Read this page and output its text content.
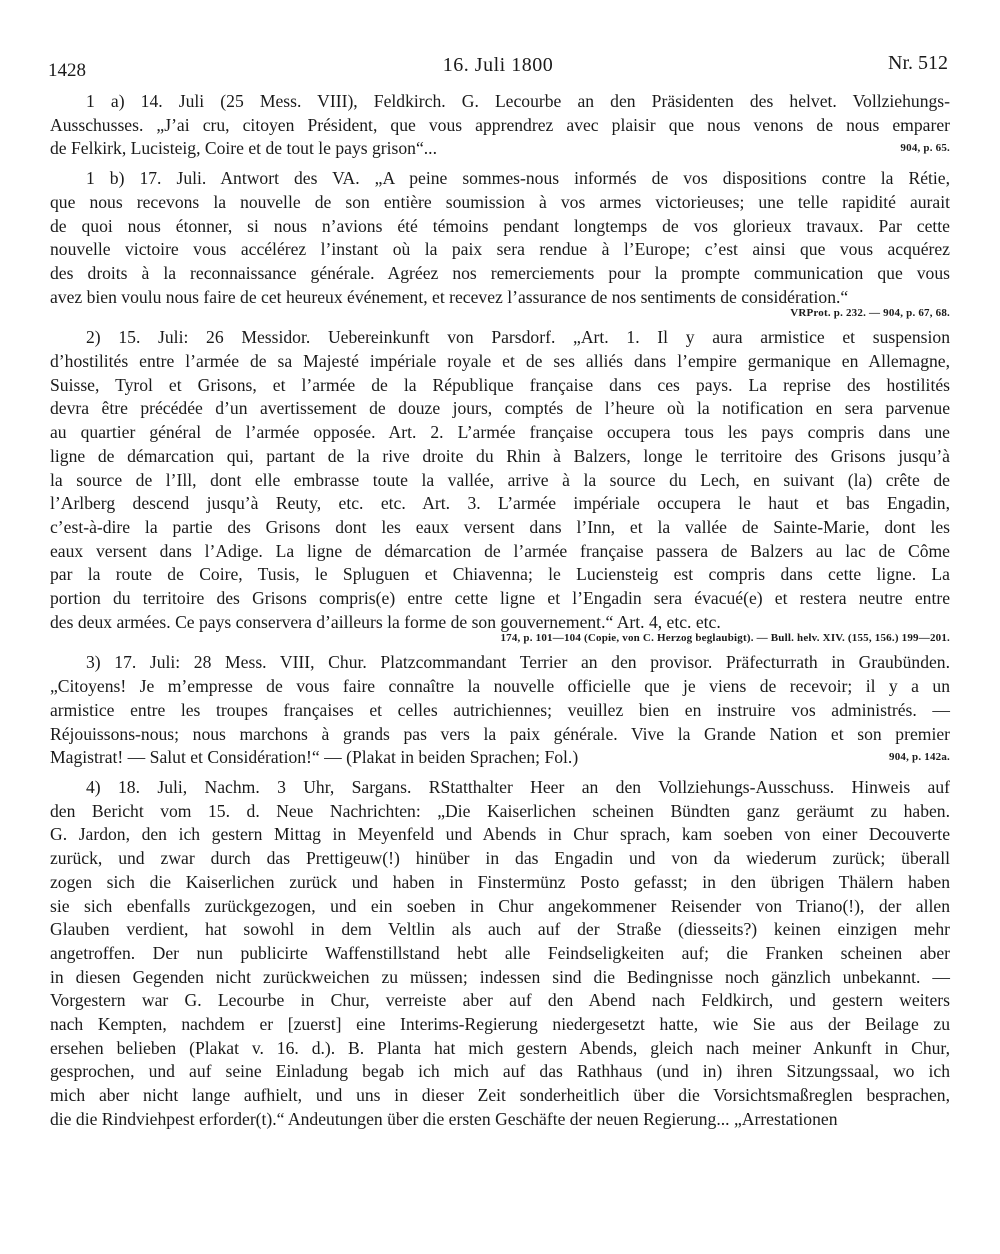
1428	16. Juli 1800	Nr. 512
1 a) 14. Juli (25 Mess. VIII), Feldkirch. G. Lecourbe an den Präsidenten des helvet. Vollziehungs-
Ausschusses. „J’ai cru, citoyen Président, que vous apprendrez avec plaisir que nous venons de nous emparer
de Felkirk, Lucisteig, Coire et de tout le pays grison“...	904, p. 65.
1 b) 17. Juli. Antwort des VA. „A peine sommes-nous informés de vos dispositions contre la Rétie,
que nous recevons la nouvelle de son entière soumission à vos armes victorieuses; une telle rapidité aurait
de quoi nous étonner, si nous n’avions été témoins pendant longtemps de vos glorieux travaux. Par cette
nouvelle victoire vous accélérez l’instant où la paix sera rendue à l’Europe; c’est ainsi que vous acquérez
des droits à la reconnaissance générale. Agréez nos remerciements pour la prompte communication que vous
avez bien voulu nous faire de cet heureux événement, et recevez l’assurance de nos sentiments de considération.“
VRProt. p. 232. — 904, p. 67, 68.
2) 15. Juli: 26 Messidor. Uebereinkunft von Parsdorf. „Art. 1. Il y aura armistice et suspension
d’hostilités entre l’armée de sa Majesté impériale royale et de ses alliés dans l’empire germanique en Allemagne,
Suisse, Tyrol et Grisons, et l’armée de la République française dans ces pays. La reprise des hostilités
devra être précédée d’un avertissement de douze jours, comptés de l’heure où la notification en sera parvenue
au quartier général de l’armée opposée. Art. 2. L’armée française occupera tous les pays compris dans une
ligne de démarcation qui, partant de la rive droite du Rhin à Balzers, longe le territoire des Grisons jusqu’à
la source de l’Ill, dont elle embrasse toute la vallée, arrive à la source du Lech, en suivant (la) crête de
l’Arlberg descend jusqu’à Reuty, etc. etc. Art. 3. L’armée impériale occupera le haut et bas Engadin,
c’est-à-dire la partie des Grisons dont les eaux versent dans l’Inn, et la vallée de Sainte-Marie, dont les
eaux versent dans l’Adige. La ligne de démarcation de l’armée française passera de Balzers au lac de Côme
par la route de Coire, Tusis, le Spluguen et Chiavenna; le Luciensteig est compris dans cette ligne. La
portion du territoire des Grisons compris(e) entre cette ligne et l’Engadin sera évacué(e) et restera neutre entre
des deux armées. Ce pays conservera d’ailleurs la forme de son gouvernement.“ Art. 4, etc. etc.
174, p. 101—104 (Copie, von C. Herzog beglaubigt). — Bull. helv. XIV. (155, 156.) 199—201.
3) 17. Juli: 28 Mess. VIII, Chur. Platzcommandant Terrier an den provisor. Präfecturrath in Graubünden.
„Citoyens! Je m’empresse de vous faire connaître la nouvelle officielle que je viens de recevoir; il y a un
armistice entre les troupes françaises et celles autrichiennes; veuillez bien en instruire vos administrés. —
Réjouissons-nous; nous marchons à grands pas vers la paix générale. Vive la Grande Nation et son premier
Magistrat! — Salut et Considération!“ — (Plakat in beiden Sprachen; Fol.)	904, p. 142a.
4) 18. Juli, Nachm. 3 Uhr, Sargans. RStatthalter Heer an den Vollziehungs-Ausschuss. Hinweis auf
den Bericht vom 15. d. Neue Nachrichten: „Die Kaiserlichen scheinen Bündten ganz geräumt zu haben.
G. Jardon, den ich gestern Mittag in Meyenfeld und Abends in Chur sprach, kam soeben von einer Decouverte
zurück, und zwar durch das Prettigeuw(!) hinüber in das Engadin und von da wiederum zurück; überall
zogen sich die Kaiserlichen zurück und haben in Finstermünz Posto gefasst; in den übrigen Thälern haben
sie sich ebenfalls zurückgezogen, und ein soeben in Chur angekommener Reisender von Triano(!), der allen
Glauben verdient, hat sowohl in dem Veltlin als auch auf der Straße (diesseits?) keinen einzigen mehr
angetroffen. Der nun publicirte Waffenstillstand hebt alle Feindseligkeiten auf; die Franken scheinen aber
in diesen Gegenden nicht zurückweichen zu müssen; indessen sind die Bedingnisse noch gänzlich unbekannt. —
Vorgestern war G. Lecourbe in Chur, verreiste aber auf den Abend nach Feldkirch, und gestern weiters
nach Kempten, nachdem er [zuerst] eine Interims-Regierung niedergesetzt hatte, wie Sie aus der Beilage zu
ersehen belieben (Plakat v. 16. d.). B. Planta hat mich gestern Abends, gleich nach meiner Ankunft in Chur,
gesprochen, und auf seine Einladung begab ich mich auf das Rathhaus (und in) ihren Sitzungssaal, wo ich
mich aber nicht lange aufhielt, und uns in dieser Zeit sonderheitlich über die Vorsichtsmaßreglen besprachen,
die die Rindviehpest erforder(t).“ Andeutungen über die ersten Geschäfte der neuen Regierung... „Arrestationen
